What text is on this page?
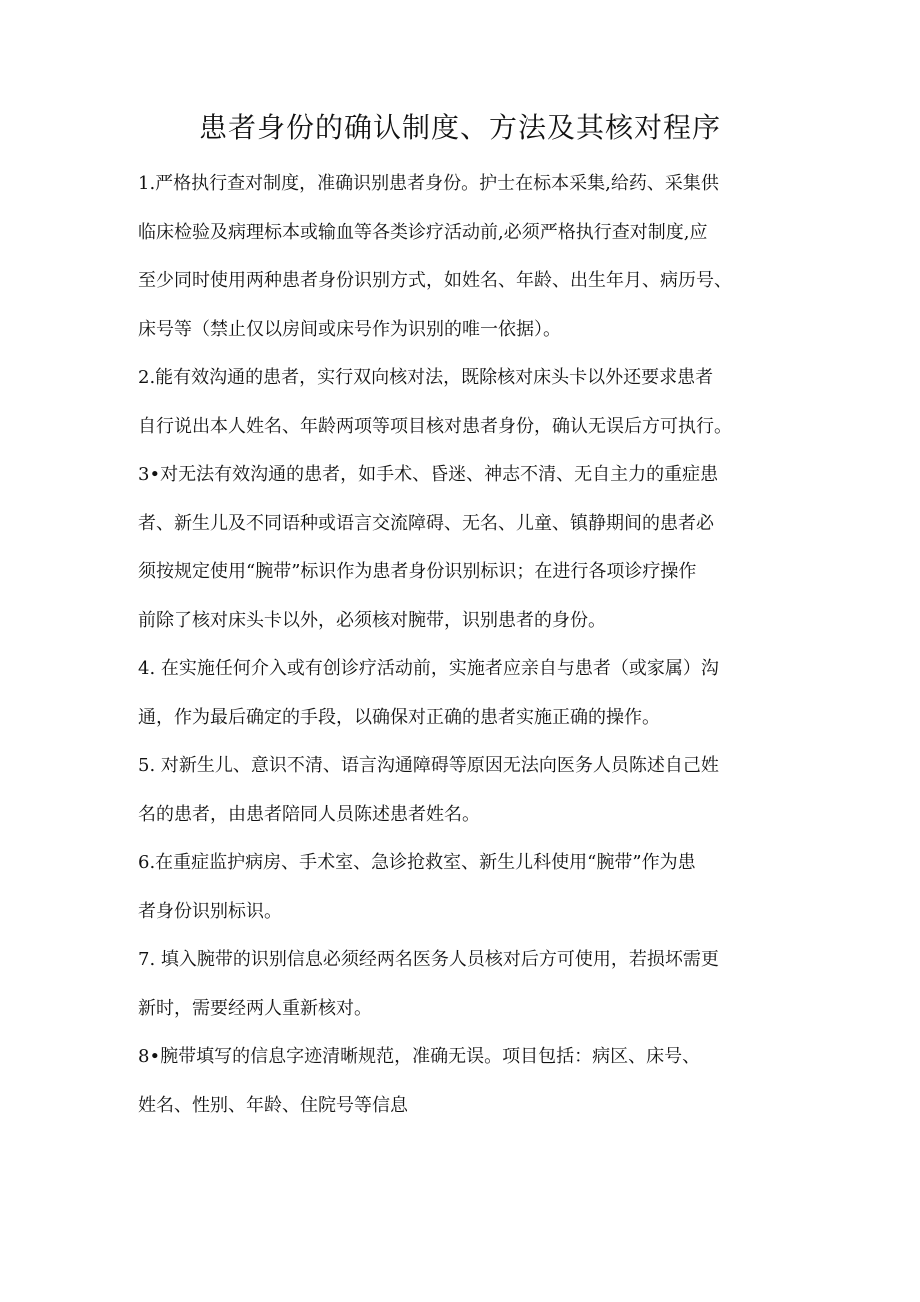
患者身份的确认制度、方法及其核对程序

1.严格执行查对制度，准确识别患者身份。护士在标本采集,给药、采集供
临床检验及病理标本或输血等各类诊疗活动前,必须严格执行查对制度,应
至少同时使用两种患者身份识别方式，如姓名、年龄、出生年月、病历号、
床号等（禁止仅以房间或床号作为识别的唯一依据）。

2.能有效沟通的患者，实行双向核对法，既除核对床头卡以外还要求患者
自行说出本人姓名、年龄两项等项目核对患者身份，确认无误后方可执行。

3•对无法有效沟通的患者，如手术、昏迷、神志不清、无自主力的重症患
者、新生儿及不同语种或语言交流障碍、无名、儿童、镇静期间的患者必
须按规定使用“腕带”标识作为患者身份识别标识；在进行各项诊疗操作
前除了核对床头卡以外，必须核对腕带，识别患者的身份。

4. 在实施任何介入或有创诊疗活动前，实施者应亲自与患者（或家属）沟
通，作为最后确定的手段，以确保对正确的患者实施正确的操作。

5. 对新生儿、意识不清、语言沟通障碍等原因无法向医务人员陈述自己姓
名的患者，由患者陪同人员陈述患者姓名。

6.在重症监护病房、手术室、急诊抢救室、新生儿科使用“腕带”作为患
者身份识别标识。

7. 填入腕带的识别信息必须经两名医务人员核对后方可使用，若损坏需更
新时，需要经两人重新核对。

8•腕带填写的信息字迹清晰规范，准确无误。项目包括：病区、床号、
姓名、性别、年龄、住院号等信息
